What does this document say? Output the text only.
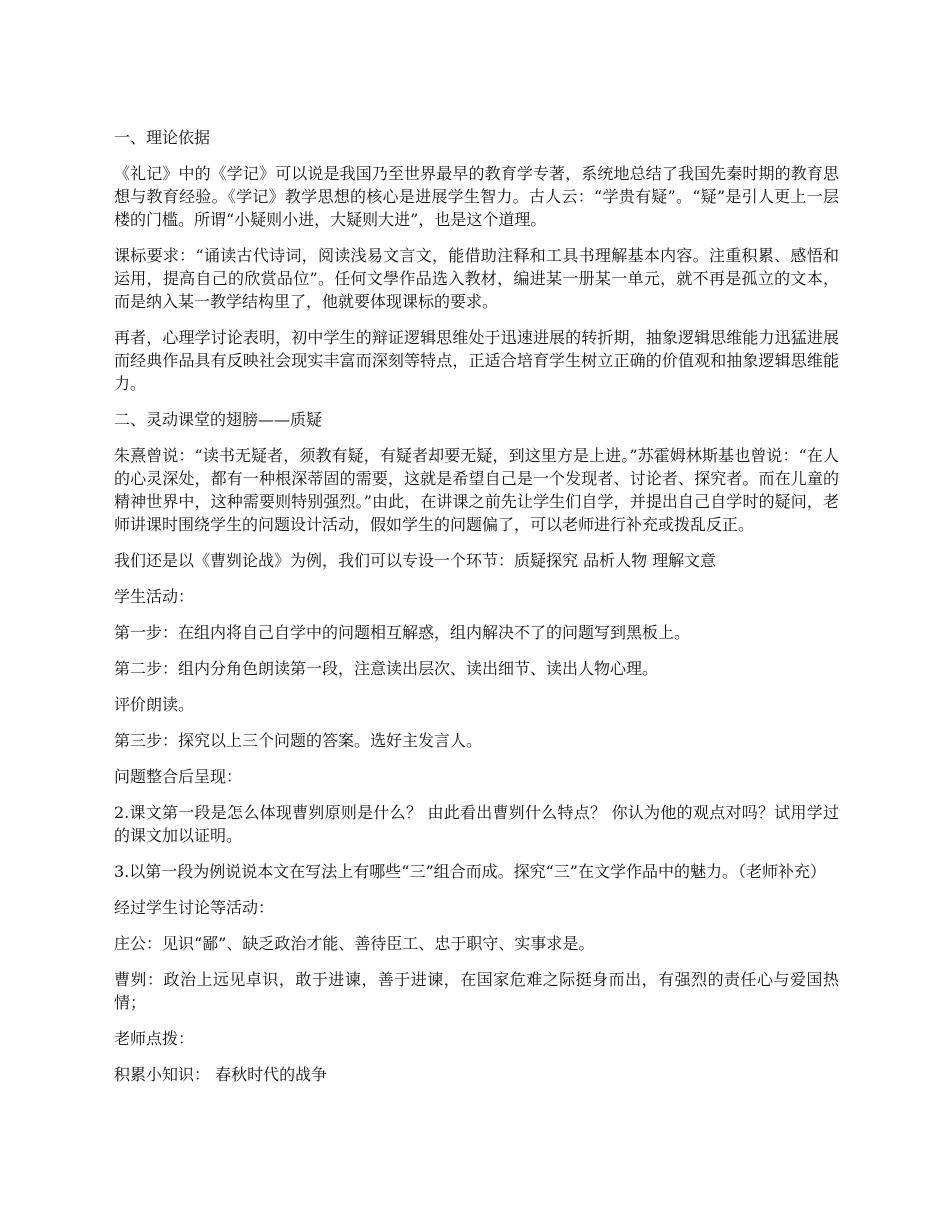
一、理论依据

《礼记》中的《学记》可以说是我国乃至世界最早的教育学专著，系统地总结了我国先秦时期的教育思想与教育经验。《学记》教学思想的核心是进展学生智力。古人云：“学贵有疑”。“疑”是引人更上一层楼的门槛。所谓“小疑则小进，大疑则大进”，也是这个道理。

课标要求：“诵读古代诗词，阅读浅易文言文，能借助注释和工具书理解基本内容。注重积累、感悟和运用，提高自己的欣赏品位”。任何文學作品选入教材，编进某一册某一单元，就不再是孤立的文本，而是纳入某一教学结构里了，他就要体现课标的要求。

再者，心理学讨论表明，初中学生的辩证逻辑思维处于迅速进展的转折期，抽象逻辑思维能力迅猛进展而经典作品具有反映社会现实丰富而深刻等特点，正适合培育学生树立正确的价值观和抽象逻辑思维能力。

二、灵动课堂的翅膀——质疑

朱熹曾说：“读书无疑者，须教有疑，有疑者却要无疑，到这里方是上进。”苏霍姆林斯基也曾说：“在人的心灵深处，都有一种根深蒂固的需要，这就是希望自己是一个发现者、讨论者、探究者。而在儿童的精神世界中，这种需要则特别强烈。”由此，在讲课之前先让学生们自学，并提出自己自学时的疑问，老师讲课时围绕学生的问题设计活动，假如学生的问题偏了，可以老师进行补充或拨乱反正。

我们还是以《曹刿论战》为例，我们可以专设一个环节：质疑探究 品析人物 理解文意

学生活动：

第一步：在组内将自己自学中的问题相互解惑，组内解决不了的问题写到黑板上。

第二步：组内分角色朗读第一段，注意读出层次、读出细节、读出人物心理。

评价朗读。

第三步：探究以上三个问题的答案。选好主发言人。

问题整合后呈现：

2.课文第一段是怎么体现曹刿原则是什么？ 由此看出曹刿什么特点？ 你认为他的观点对吗？试用学过的课文加以证明。

3.以第一段为例说说本文在写法上有哪些“三”组合而成。探究“三”在文学作品中的魅力。（老师补充）

经过学生讨论等活动：

庄公：见识“鄙”、缺乏政治才能、善待臣工、忠于职守、实事求是。

曹刿：政治上远见卓识，敢于进谏，善于进谏，在国家危难之际挺身而出，有强烈的责任心与爱国热情；

老师点拨：

积累小知识： 春秋时代的战争
